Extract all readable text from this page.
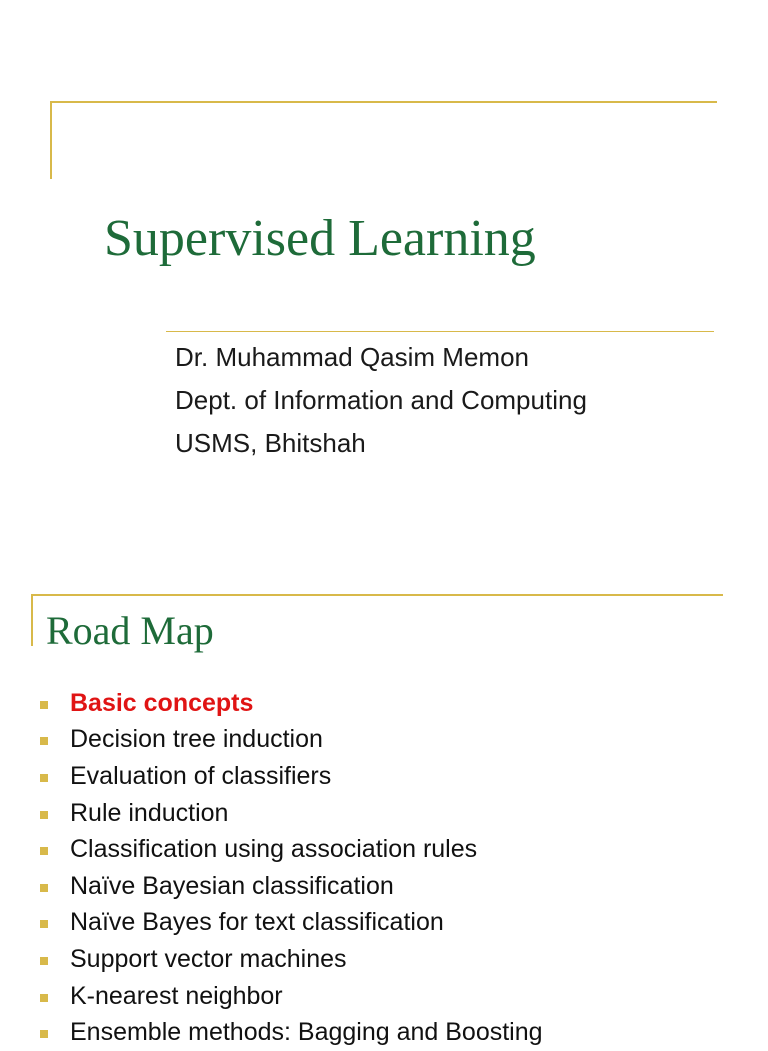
Supervised Learning
Dr. Muhammad Qasim Memon
Dept. of Information and Computing
USMS, Bhitshah
Road Map
Basic concepts
Decision tree induction
Evaluation of classifiers
Rule induction
Classification using association rules
Naïve Bayesian classification
Naïve Bayes for text classification
Support vector machines
K-nearest neighbor
Ensemble methods: Bagging and Boosting
